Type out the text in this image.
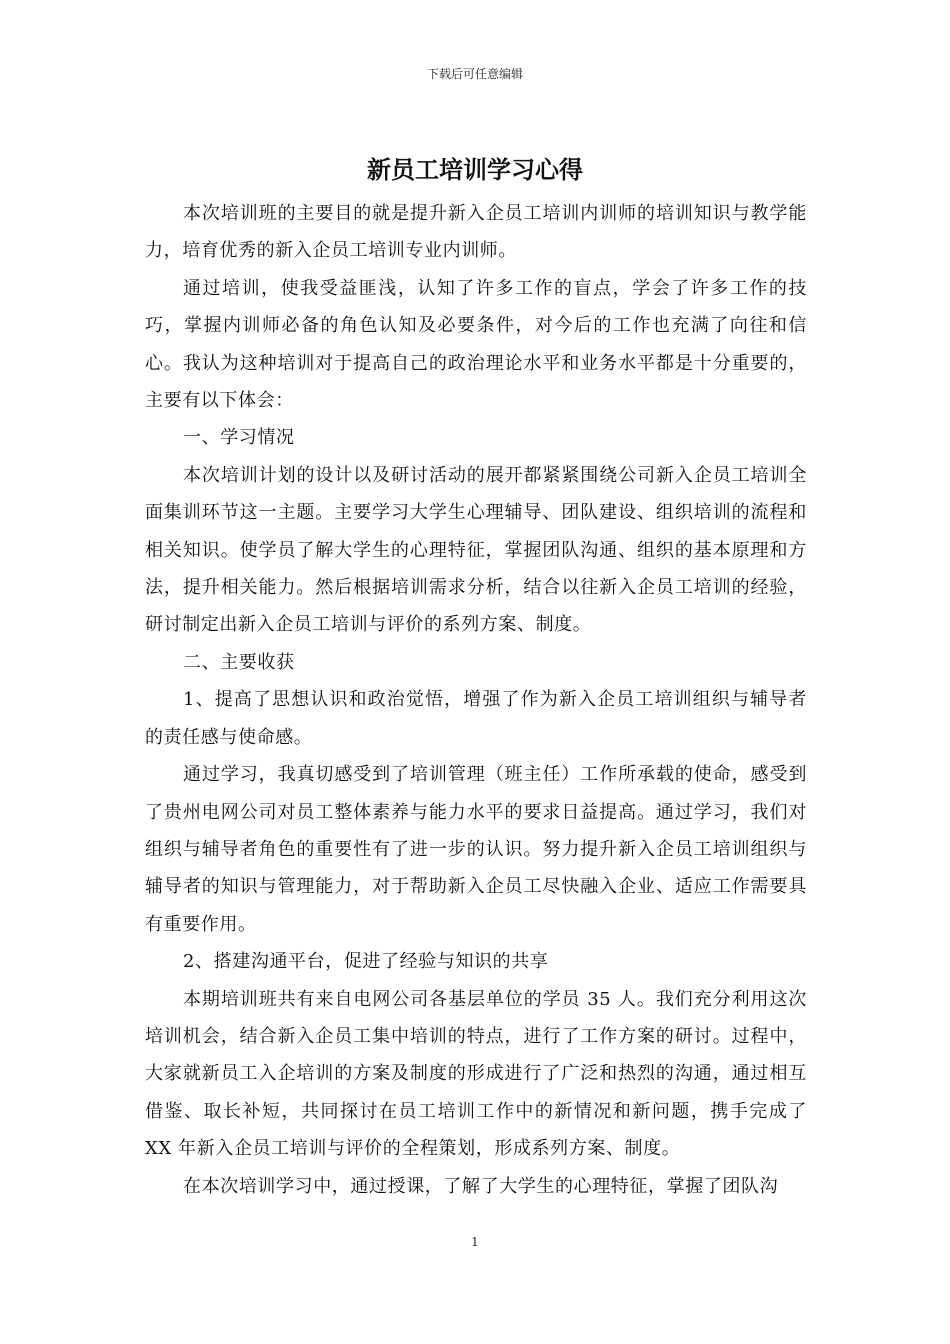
下载后可任意编辑
新员工培训学习心得

本次培训班的主要目的就是提升新入企员工培训内训师的培训知识与教学能力，培育优秀的新入企员工培训专业内训师。

通过培训，使我受益匪浅，认知了许多工作的盲点，学会了许多工作的技巧，掌握内训师必备的角色认知及必要条件，对今后的工作也充满了向往和信心。我认为这种培训对于提高自己的政治理论水平和业务水平都是十分重要的，主要有以下体会：

一、学习情况

本次培训计划的设计以及研讨活动的展开都紧紧围绕公司新入企员工培训全面集训环节这一主题。主要学习大学生心理辅导、团队建设、组织培训的流程和相关知识。使学员了解大学生的心理特征，掌握团队沟通、组织的基本原理和方法，提升相关能力。然后根据培训需求分析，结合以往新入企员工培训的经验，研讨制定出新入企员工培训与评价的系列方案、制度。

二、主要收获

1、提高了思想认识和政治觉悟，增强了作为新入企员工培训组织与辅导者的责任感与使命感。

通过学习，我真切感受到了培训管理（班主任）工作所承载的使命，感受到了贵州电网公司对员工整体素养与能力水平的要求日益提高。通过学习，我们对组织与辅导者角色的重要性有了进一步的认识。努力提升新入企员工培训组织与辅导者的知识与管理能力，对于帮助新入企员工尽快融入企业、适应工作需要具有重要作用。

2、搭建沟通平台，促进了经验与知识的共享

本期培训班共有来自电网公司各基层单位的学员 35 人。我们充分利用这次培训机会，结合新入企员工集中培训的特点，进行了工作方案的研讨。过程中，大家就新员工入企培训的方案及制度的形成进行了广泛和热烈的沟通，通过相互借鉴、取长补短，共同探讨在员工培训工作中的新情况和新问题，携手完成了 XX 年新入企员工培训与评价的全程策划，形成系列方案、制度。

在本次培训学习中，通过授课，了解了大学生的心理特征，掌握了团队沟

1
